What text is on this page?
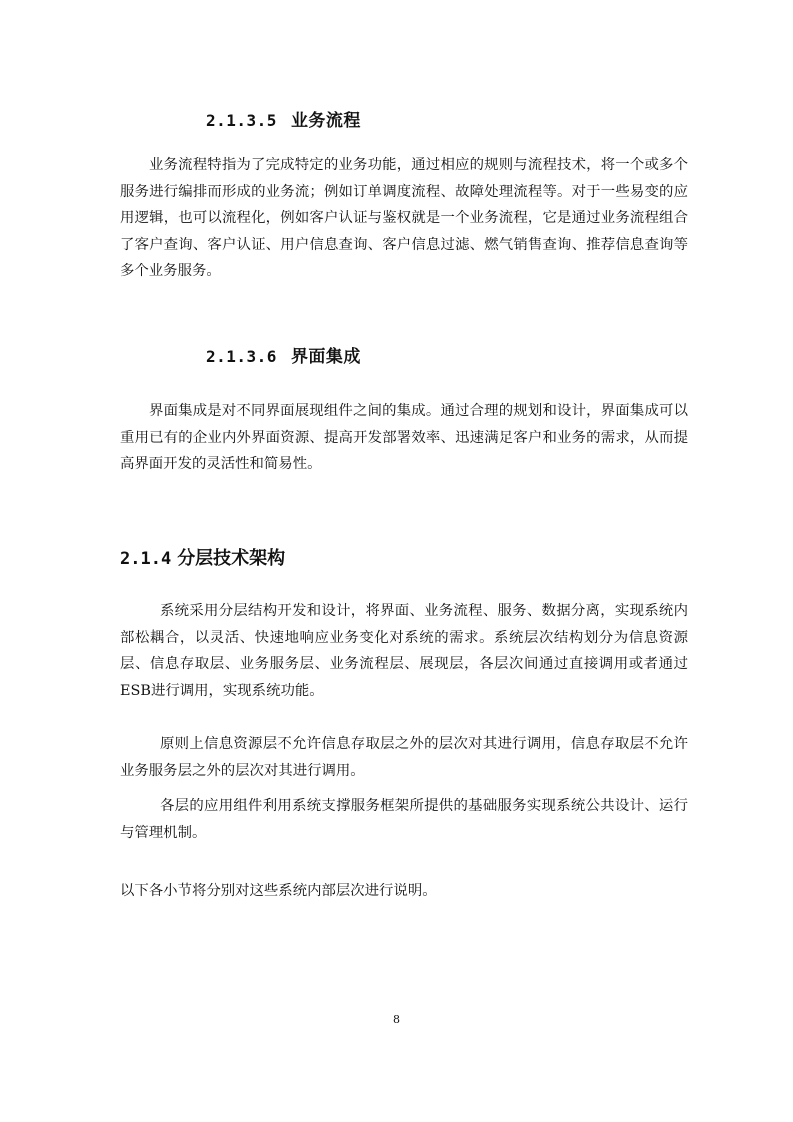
2.1.3.5 业务流程

业务流程特指为了完成特定的业务功能，通过相应的规则与流程技术，将一个或多个服务进行编排而形成的业务流；例如订单调度流程、故障处理流程等。对于一些易变的应用逻辑，也可以流程化，例如客户认证与鉴权就是一个业务流程，它是通过业务流程组合了客户查询、客户认证、用户信息查询、客户信息过滤、燃气销售查询、推荐信息查询等多个业务服务。

2.1.3.6 界面集成

界面集成是对不同界面展现组件之间的集成。通过合理的规划和设计，界面集成可以重用已有的企业内外界面资源、提高开发部署效率、迅速满足客户和业务的需求，从而提高界面开发的灵活性和简易性。

2.1.4 分层技术架构

系统采用分层结构开发和设计，将界面、业务流程、服务、数据分离，实现系统内部松耦合，以灵活、快速地响应业务变化对系统的需求。系统层次结构划分为信息资源层、信息存取层、业务服务层、业务流程层、展现层，各层次间通过直接调用或者通过ESB进行调用，实现系统功能。

原则上信息资源层不允许信息存取层之外的层次对其进行调用，信息存取层不允许业务服务层之外的层次对其进行调用。

各层的应用组件利用系统支撑服务框架所提供的基础服务实现系统公共设计、运行与管理机制。

以下各小节将分别对这些系统内部层次进行说明。

8
